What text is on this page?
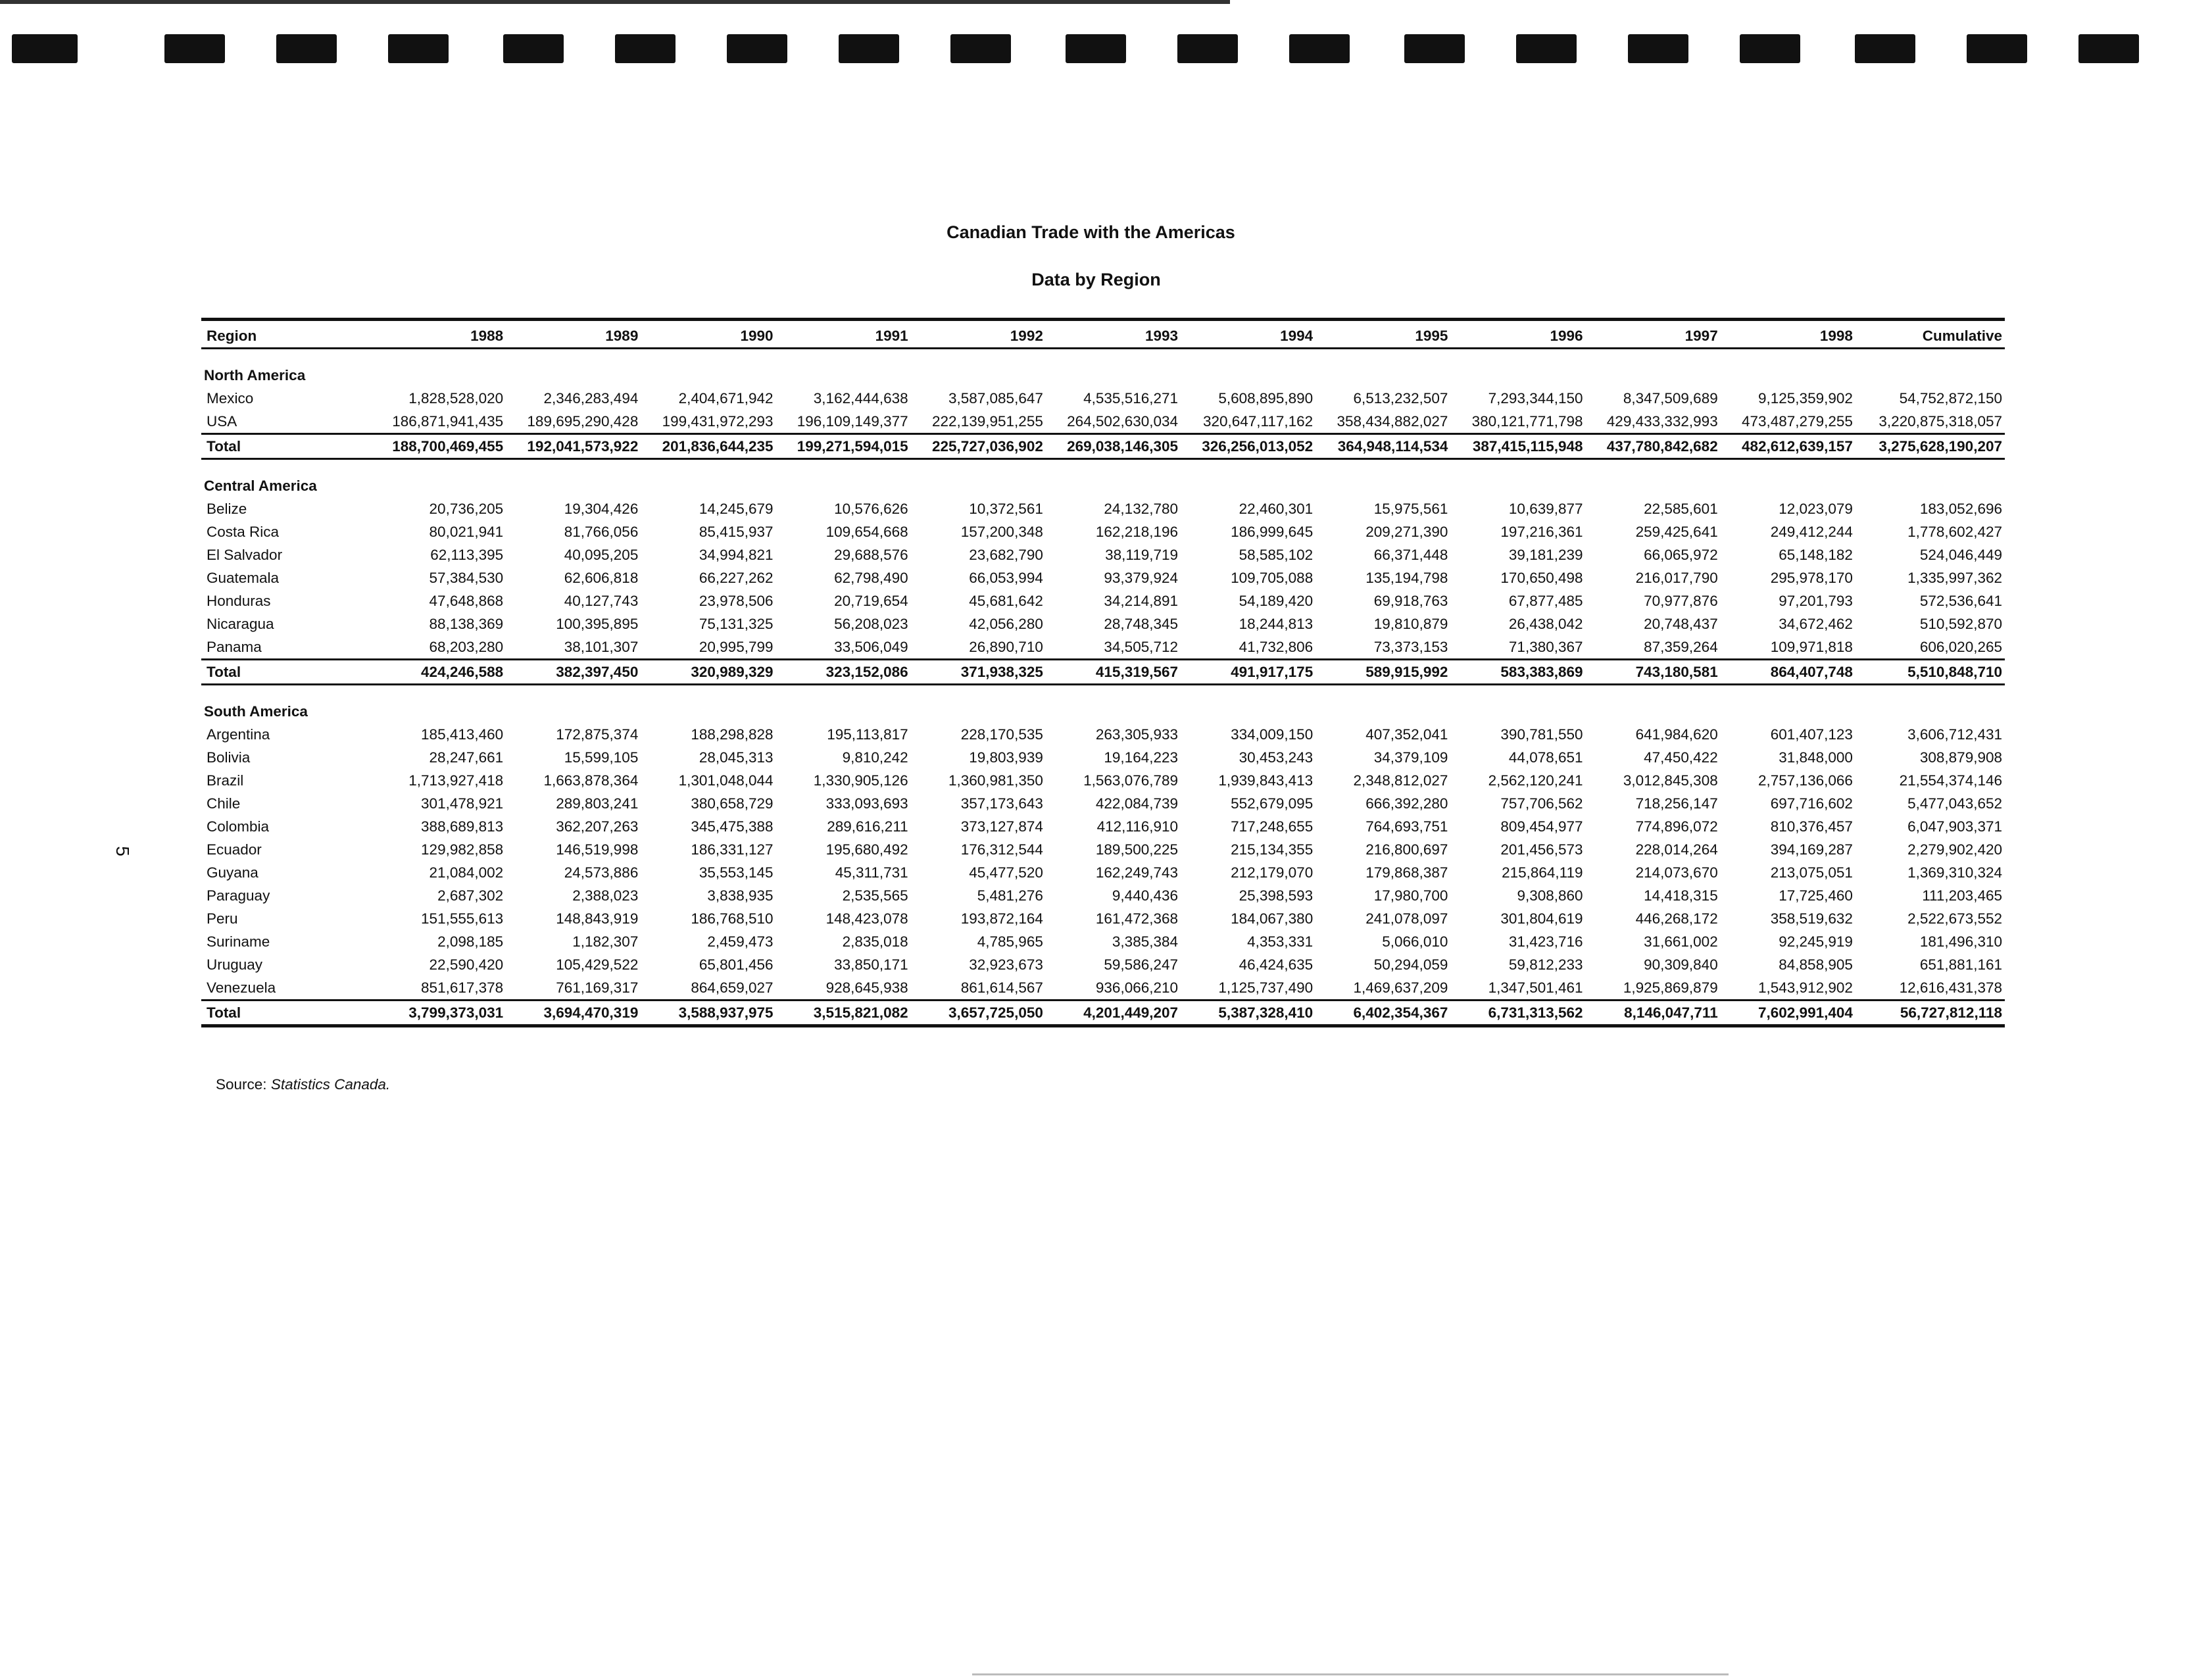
5
Canadian Trade with the Americas
Data by Region
Region	1988	1989	1990	1991	1992	1993	1994	1995	1996	1997	1998	Cumulative
North America												
Mexico	1,828,528,020	2,346,283,494	2,404,671,942	3,162,444,638	3,587,085,647	4,535,516,271	5,608,895,890	6,513,232,507	7,293,344,150	8,347,509,689	9,125,359,902	54,752,872,150
USA	186,871,941,435	189,695,290,428	199,431,972,293	196,109,149,377	222,139,951,255	264,502,630,034	320,647,117,162	358,434,882,027	380,121,771,798	429,433,332,993	473,487,279,255	3,220,875,318,057
Total	188,700,469,455	192,041,573,922	201,836,644,235	199,271,594,015	225,727,036,902	269,038,146,305	326,256,013,052	364,948,114,534	387,415,115,948	437,780,842,682	482,612,639,157	3,275,628,190,207
Central America												
Belize	20,736,205	19,304,426	14,245,679	10,576,626	10,372,561	24,132,780	22,460,301	15,975,561	10,639,877	22,585,601	12,023,079	183,052,696
Costa Rica	80,021,941	81,766,056	85,415,937	109,654,668	157,200,348	162,218,196	186,999,645	209,271,390	197,216,361	259,425,641	249,412,244	1,778,602,427
El Salvador	62,113,395	40,095,205	34,994,821	29,688,576	23,682,790	38,119,719	58,585,102	66,371,448	39,181,239	66,065,972	65,148,182	524,046,449
Guatemala	57,384,530	62,606,818	66,227,262	62,798,490	66,053,994	93,379,924	109,705,088	135,194,798	170,650,498	216,017,790	295,978,170	1,335,997,362
Honduras	47,648,868	40,127,743	23,978,506	20,719,654	45,681,642	34,214,891	54,189,420	69,918,763	67,877,485	70,977,876	97,201,793	572,536,641
Nicaragua	88,138,369	100,395,895	75,131,325	56,208,023	42,056,280	28,748,345	18,244,813	19,810,879	26,438,042	20,748,437	34,672,462	510,592,870
Panama	68,203,280	38,101,307	20,995,799	33,506,049	26,890,710	34,505,712	41,732,806	73,373,153	71,380,367	87,359,264	109,971,818	606,020,265
Total	424,246,588	382,397,450	320,989,329	323,152,086	371,938,325	415,319,567	491,917,175	589,915,992	583,383,869	743,180,581	864,407,748	5,510,848,710
South America												
Argentina	185,413,460	172,875,374	188,298,828	195,113,817	228,170,535	263,305,933	334,009,150	407,352,041	390,781,550	641,984,620	601,407,123	3,606,712,431
Bolivia	28,247,661	15,599,105	28,045,313	9,810,242	19,803,939	19,164,223	30,453,243	34,379,109	44,078,651	47,450,422	31,848,000	308,879,908
Brazil	1,713,927,418	1,663,878,364	1,301,048,044	1,330,905,126	1,360,981,350	1,563,076,789	1,939,843,413	2,348,812,027	2,562,120,241	3,012,845,308	2,757,136,066	21,554,374,146
Chile	301,478,921	289,803,241	380,658,729	333,093,693	357,173,643	422,084,739	552,679,095	666,392,280	757,706,562	718,256,147	697,716,602	5,477,043,652
Colombia	388,689,813	362,207,263	345,475,388	289,616,211	373,127,874	412,116,910	717,248,655	764,693,751	809,454,977	774,896,072	810,376,457	6,047,903,371
Ecuador	129,982,858	146,519,998	186,331,127	195,680,492	176,312,544	189,500,225	215,134,355	216,800,697	201,456,573	228,014,264	394,169,287	2,279,902,420
Guyana	21,084,002	24,573,886	35,553,145	45,311,731	45,477,520	162,249,743	212,179,070	179,868,387	215,864,119	214,073,670	213,075,051	1,369,310,324
Paraguay	2,687,302	2,388,023	3,838,935	2,535,565	5,481,276	9,440,436	25,398,593	17,980,700	9,308,860	14,418,315	17,725,460	111,203,465
Peru	151,555,613	148,843,919	186,768,510	148,423,078	193,872,164	161,472,368	184,067,380	241,078,097	301,804,619	446,268,172	358,519,632	2,522,673,552
Suriname	2,098,185	1,182,307	2,459,473	2,835,018	4,785,965	3,385,384	4,353,331	5,066,010	31,423,716	31,661,002	92,245,919	181,496,310
Uruguay	22,590,420	105,429,522	65,801,456	33,850,171	32,923,673	59,586,247	46,424,635	50,294,059	59,812,233	90,309,840	84,858,905	651,881,161
Venezuela	851,617,378	761,169,317	864,659,027	928,645,938	861,614,567	936,066,210	1,125,737,490	1,469,637,209	1,347,501,461	1,925,869,879	1,543,912,902	12,616,431,378
Total	3,799,373,031	3,694,470,319	3,588,937,975	3,515,821,082	3,657,725,050	4,201,449,207	5,387,328,410	6,402,354,367	6,731,313,562	8,146,047,711	7,602,991,404	56,727,812,118
Source: Statistics Canada.
